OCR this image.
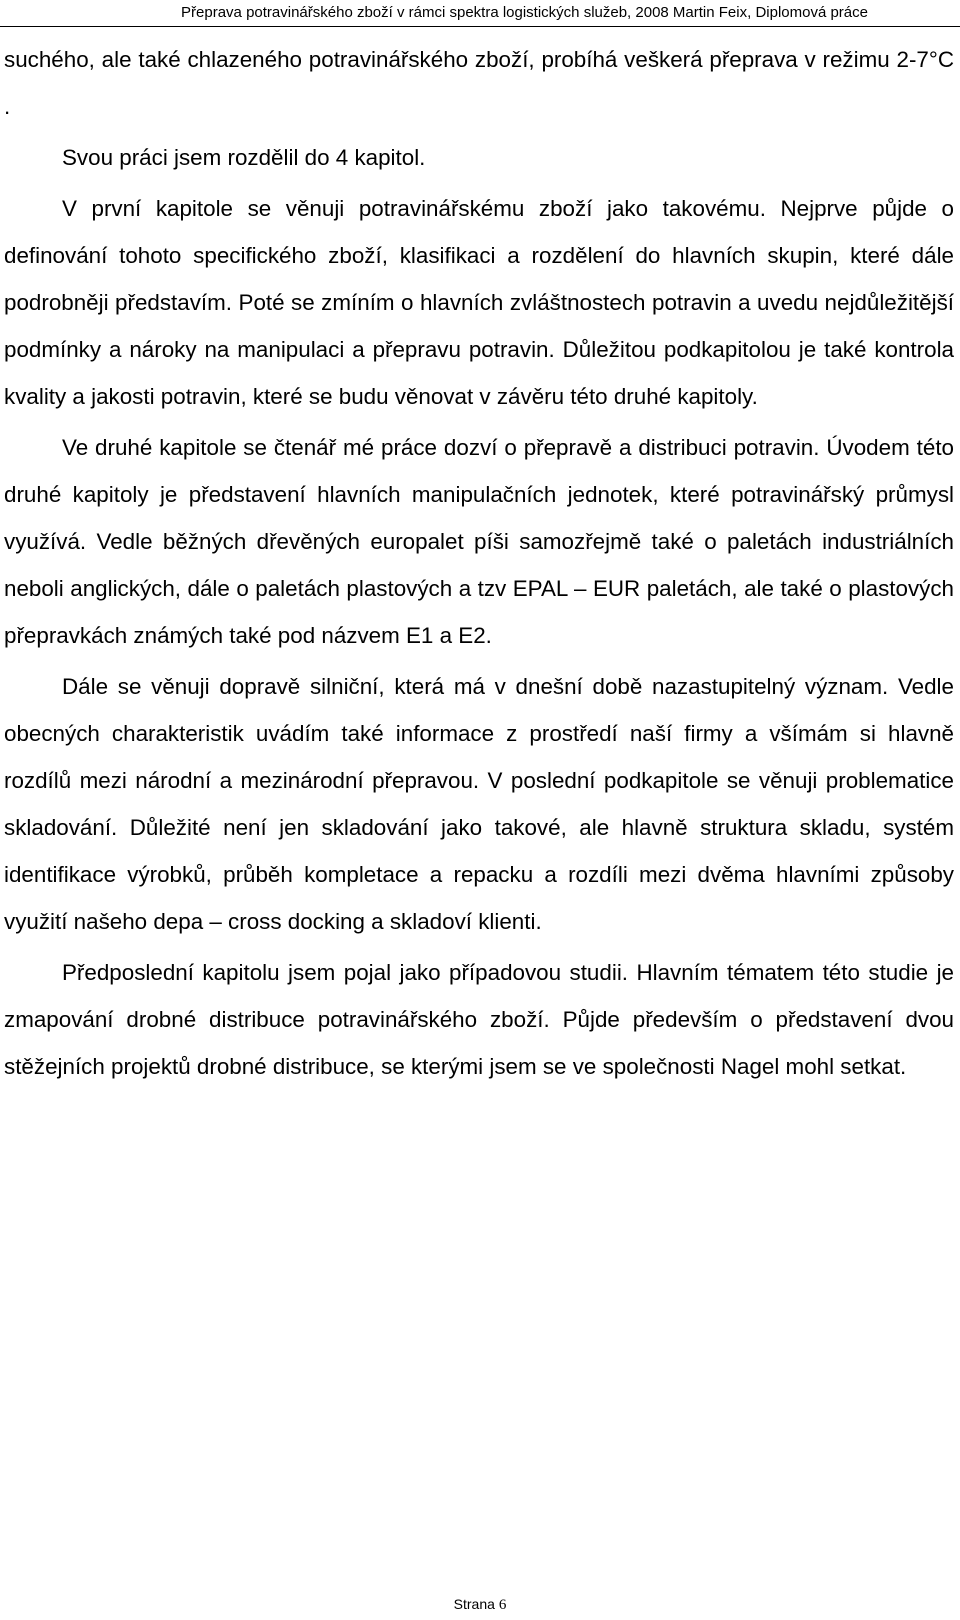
Přeprava potravinářského zboží v rámci spektra logistických služeb, 2008 Martin Feix, Diplomová práce

suchého, ale také chlazeného potravinářského zboží, probíhá veškerá přeprava v režimu 2-7°C .

Svou práci jsem rozdělil do 4 kapitol.

V první kapitole se věnuji potravinářskému zboží jako takovému. Nejprve půjde o definování tohoto specifického zboží, klasifikaci a rozdělení do hlavních skupin, které dále podrobněji představím. Poté se zmíním o hlavních zvláštnostech potravin a uvedu nejdůležitější podmínky a nároky na manipulaci a přepravu potravin. Důležitou podkapitolou je také kontrola kvality a jakosti potravin, které se budu věnovat v závěru této druhé kapitoly.

Ve druhé kapitole se čtenář mé práce dozví o přepravě a distribuci potravin. Úvodem této druhé kapitoly je představení hlavních manipulačních jednotek, které potravinářský průmysl využívá. Vedle běžných dřevěných europalet píši samozřejmě také o paletách industriálních neboli anglických, dále o paletách plastových a tzv EPAL – EUR paletách, ale také o plastových přepravkách známých také pod názvem E1 a E2.

Dále se věnuji dopravě silniční, která má v dnešní době nazastupitelný význam. Vedle obecných charakteristik uvádím také informace z prostředí naší firmy a všímám si hlavně rozdílů mezi národní a mezinárodní přepravou. V poslední podkapitole se věnuji problematice skladování. Důležité není jen skladování jako takové, ale hlavně struktura skladu, systém identifikace výrobků, průběh kompletace a repacku a rozdíli mezi dvěma hlavními způsoby využití našeho depa – cross docking a skladoví klienti.

Předposlední kapitolu jsem pojal jako případovou studii. Hlavním tématem této studie je zmapování drobné distribuce potravinářského zboží. Půjde především o představení dvou stěžejních projektů drobné distribuce, se kterými jsem se ve společnosti Nagel mohl setkat.

Strana 6
